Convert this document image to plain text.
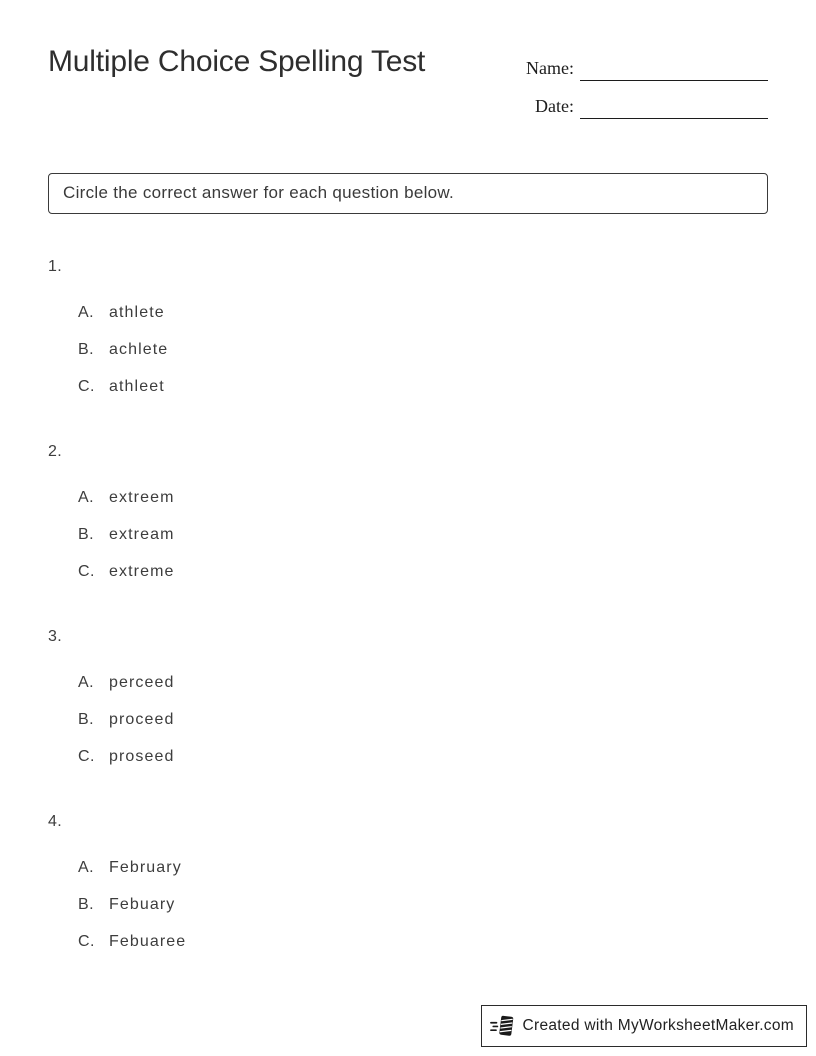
Multiple Choice Spelling Test	Name:
Date:
Circle the correct answer for each question below.
1.
A. athlete
B. achlete
C. athleet
2.
A. extreem
B. extream
C. extreme
3.
A. perceed
B. proceed
C. proseed
4.
A. February
B. Febuary
C. Febuaree
Created with MyWorksheetMaker.com
